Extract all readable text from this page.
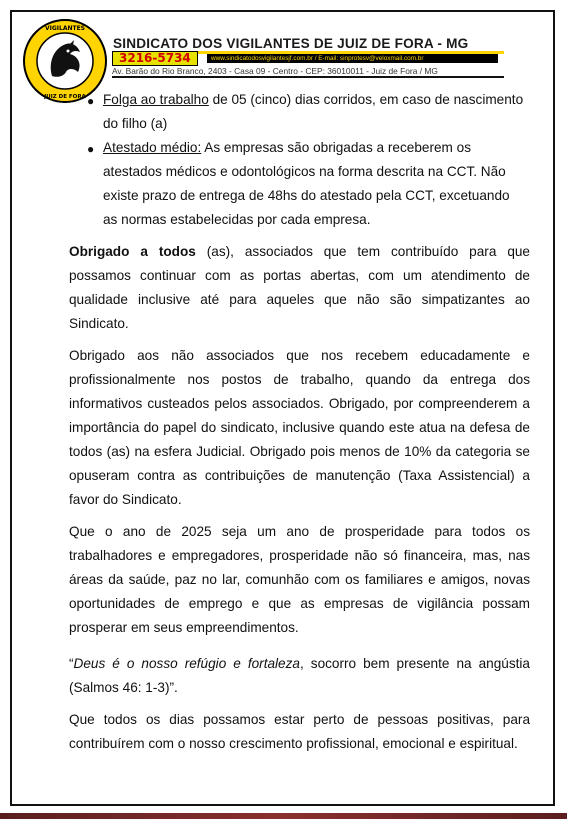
VIGILANTES
JUIZ DE FORA
SINDICATO DOS VIGILANTES DE JUIZ DE FORA - MG
3216-5734	www.sindicatodosvigilantesjf.com.br / E-mail: sinprotesv@veloxmail.com.br
Av. Barão do Rio Branco, 2403 - Casa 09 - Centro - CEP: 36010011 - Juiz de Fora / MG
● Folga ao trabalho de 05 (cinco) dias corridos, em caso de nascimento
do filho (a)

● Atestado médio: As empresas são obrigadas a receberem os
atestados médicos e odontológicos na forma descrita na CCT. Não
existe prazo de entrega de 48hs do atestado pela CCT, excetuando
as normas estabelecidas por cada empresa.

Obrigado a todos (as), associados que tem contribuído para que possamos continuar com as portas abertas, com um atendimento de qualidade inclusive até para aqueles que não são simpatizantes ao Sindicato.

Obrigado aos não associados que nos recebem educadamente e profissionalmente nos postos de trabalho, quando da entrega dos informativos custeados pelos associados. Obrigado, por compreenderem a importância do papel do sindicato, inclusive quando este atua na defesa de todos (as) na esfera Judicial. Obrigado pois menos de 10% da categoria se opuseram contra as contribuições de manutenção (Taxa Assistencial) a favor do Sindicato.

Que o ano de 2025 seja um ano de prosperidade para todos os trabalhadores e empregadores, prosperidade não só financeira, mas, nas áreas da saúde, paz no lar, comunhão com os familiares e amigos, novas oportunidades de emprego e que as empresas de vigilância possam prosperar em seus empreendimentos.

“Deus é o nosso refúgio e fortaleza, socorro bem presente na angústia (Salmos 46: 1-3)”.

Que todos os dias possamos estar perto de pessoas positivas, para contribuírem com o nosso crescimento profissional, emocional e espiritual.
